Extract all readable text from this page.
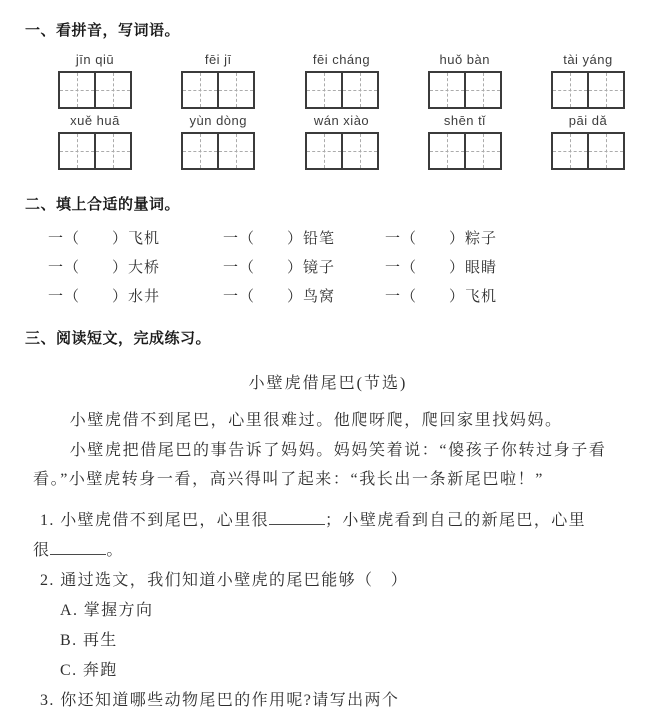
一、看拼音，写词语。
jīn qiū	fēi jī	fēi cháng	huǒ bàn	tài yáng
xuě huā	yùn dòng	wán xiào	shēn tǐ	pāi dǎ
二、填上合适的量词。
一（　　）飞机	一（　　）铅笔	一（　　）粽子
一（　　）大桥	一（　　）镜子	一（　　）眼睛
一（　　）水井	一（　　）鸟窝	一（　　）飞机
三、阅读短文，完成练习。
小壁虎借尾巴(节选)

小壁虎借不到尾巴，心里很难过。他爬呀爬，爬回家里找妈妈。

小壁虎把借尾巴的事告诉了妈妈。妈妈笑着说：“傻孩子你转过身子看看。”小壁虎转身一看，高兴得叫了起来：“我长出一条新尾巴啦！”

1. 小壁虎借不到尾巴，心里很	；小壁虎看到自己的新尾巴，心里
很	。
2. 通过选文，我们知道小壁虎的尾巴能够（　）
A. 掌握方向
B. 再生
C. 奔跑
3. 你还知道哪些动物尾巴的作用呢?请写出两个
